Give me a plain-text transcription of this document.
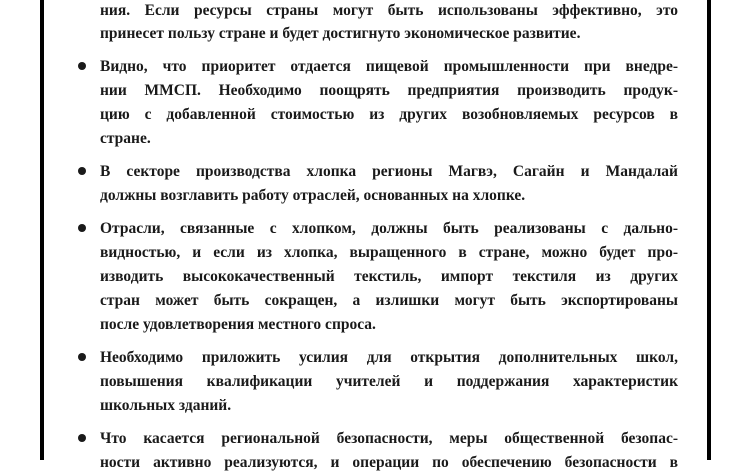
ния. Если ресурсы страны могут быть использованы эффективно, это
принесет пользу стране и будет достигнуто экономическое развитие.
Видно, что приоритет отдается пищевой промышленности при внедре-
нии ММСП. Необходимо поощрять предприятия производить продук-
цию с добавленной стоимостью из других возобновляемых ресурсов в
стране.
В секторе производства хлопка регионы Магвэ, Сагайн и Мандалай
должны возглавить работу отраслей, основанных на хлопке.
Отрасли, связанные с хлопком, должны быть реализованы с дально-
видностью, и если из хлопка, выращенного в стране, можно будет про-
изводить высококачественный текстиль, импорт текстиля из других
стран может быть сокращен, а излишки могут быть экспортированы
после удовлетворения местного спроса.
Необходимо приложить усилия для открытия дополнительных школ,
повышения квалификации учителей и поддержания характеристик
школьных зданий.
Что касается региональной безопасности, меры общественной безопас-
ности активно реализуются, и операции по обеспечению безопасности в
